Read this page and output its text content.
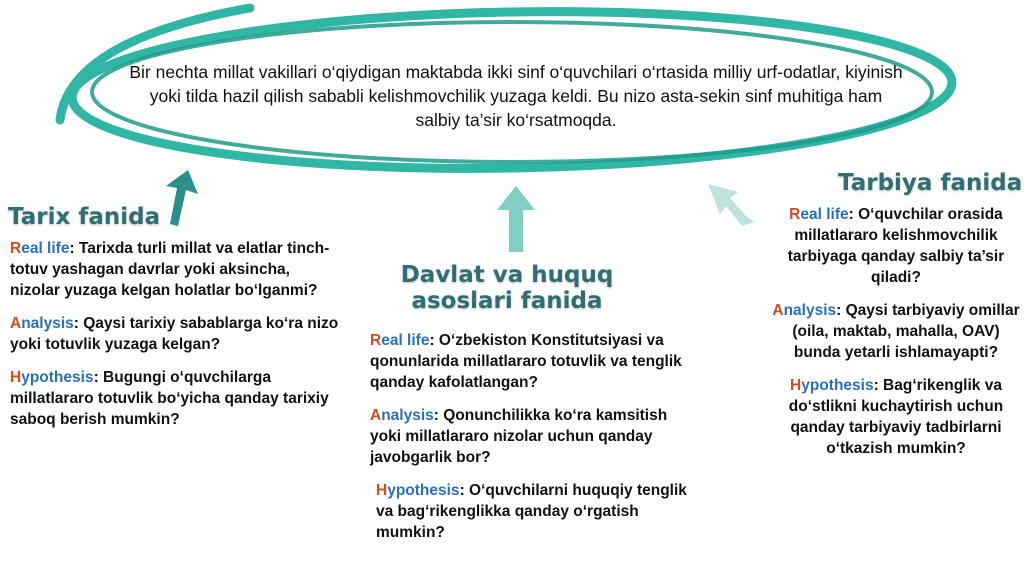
Bir nechta millat vakillari o‘qiydigan maktabda ikki sinf o‘quvchilari o‘rtasida milliy urf-odatlar, kiyinish yoki tilda hazil qilish sababli kelishmovchilik yuzaga keldi. Bu nizo asta-sekin sinf muhitiga ham salbiy ta’sir ko‘rsatmoqda.
Tarix fanida
Davlat va huquq asoslari fanida
Tarbiya fanida

Real life: Tarixda turli millat va elatlar tinch-totuv yashagan davrlar yoki aksincha, nizolar yuzaga kelgan holatlar bo‘lganmi?

Analysis: Qaysi tarixiy sabablarga ko‘ra nizo yoki totuvlik yuzaga kelgan?

Hypothesis: Bugungi o‘quvchilarga millatlararo totuvlik bo‘yicha qanday tarixiy saboq berish mumkin?

Real life: O‘zbekiston Konstitutsiyasi va qonunlarida millatlararo totuvlik va tenglik qanday kafolatlangan?

Analysis: Qonunchilikka ko‘ra kamsitish yoki millatlararo nizolar uchun qanday javobgarlik bor?

Hypothesis: O‘quvchilarni huquqiy tenglik va bag‘rikenglikka qanday o‘rgatish mumkin?

Real life: O‘quvchilar orasida millatlararo kelishmovchilik tarbiyaga qanday salbiy ta’sir qiladi?

Analysis: Qaysi tarbiyaviy omillar (oila, maktab, mahalla, OAV) bunda yetarli ishlamayapti?

Hypothesis: Bag‘rikenglik va do‘stlikni kuchaytirish uchun qanday tarbiyaviy tadbirlarni o‘tkazish mumkin?
